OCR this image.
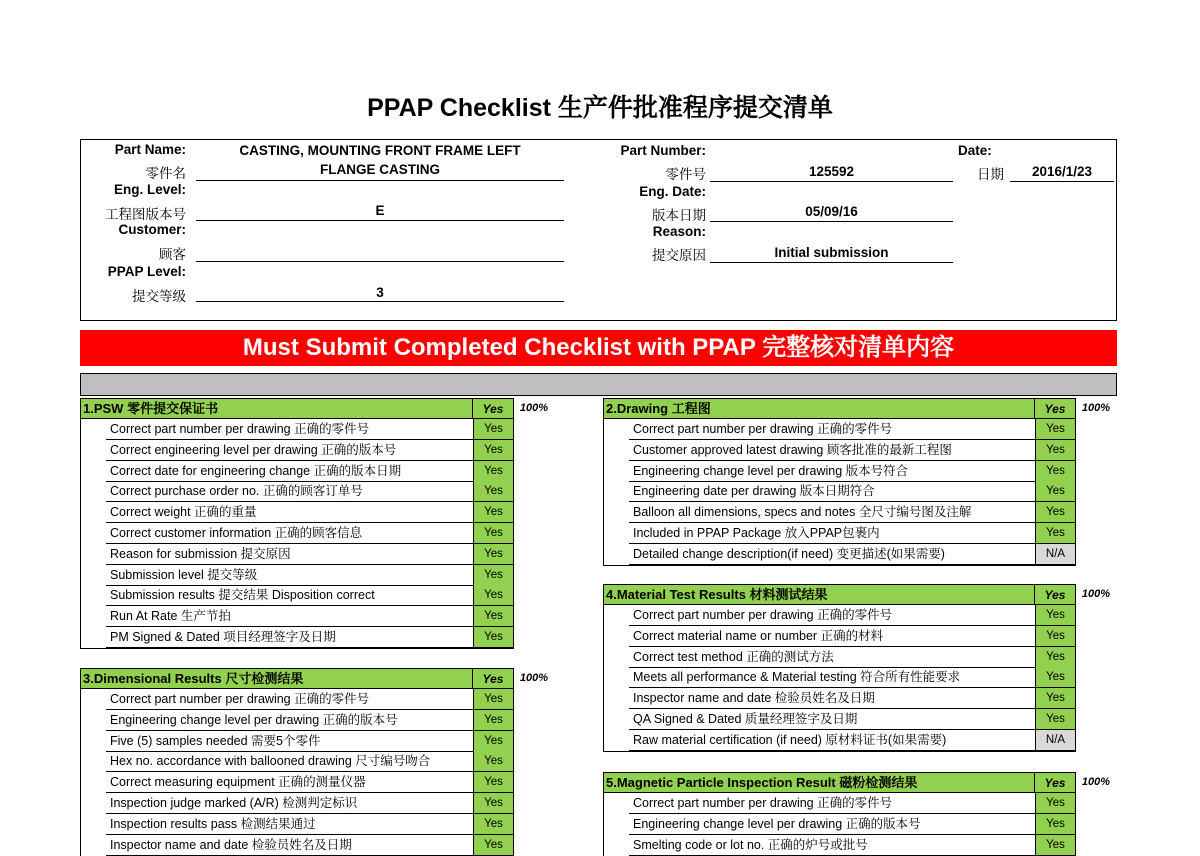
PPAP Checklist 生产件批准程序提交清单
Part Name:
零件名
CASTING, MOUNTING FRONT FRAME LEFT
FLANGE CASTING
Eng. Level:
工程图版本号	E
Customer:
顾客
PPAP Level:
提交等级	3
Part Number:
零件号	125592
Eng. Date:
版本日期	05/09/16
Reason:
提交原因	Initial submission
Date:
日期	2016/1/23
Must Submit Completed Checklist with PPAP 完整核对清单内容
1.PSW 零件提交保证书	Yes	100%
Correct part number per drawing 正确的零件号	Yes
Correct engineering level per drawing 正确的版本号	Yes
Correct date for engineering change 正确的版本日期	Yes
Correct purchase order no. 正确的顾客订单号	Yes
Correct weight 正确的重量	Yes
Correct customer information 正确的顾客信息	Yes
Reason for submission 提交原因	Yes
Submission level 提交等级	Yes
Submission results 提交结果 Disposition correct	Yes
Run At Rate 生产节拍	Yes
PM Signed & Dated 项目经理签字及日期	Yes
2.Drawing 工程图	Yes	100%
Correct part number per drawing 正确的零件号	Yes
Customer approved latest drawing 顾客批准的最新工程图	Yes
Engineering change level per drawing 版本号符合	Yes
Engineering date per drawing 版本日期符合	Yes
Balloon all dimensions, specs and notes 全尺寸编号图及注解	Yes
Included in PPAP Package 放入PPAP包裹内	Yes
Detailed change description(if need) 变更描述(如果需要)	N/A
3.Dimensional Results 尺寸检测结果	Yes	100%
Correct part number per drawing 正确的零件号	Yes
Engineering change level per drawing 正确的版本号	Yes
Five (5) samples needed 需要5个零件	Yes
Hex no. accordance with ballooned drawing 尺寸编号吻合	Yes
Correct measuring equipment 正确的测量仪器	Yes
Inspection judge marked (A/R) 检测判定标识	Yes
Inspection results pass 检测结果通过	Yes
Inspector name and date 检验员姓名及日期	Yes
4.Material Test Results 材料测试结果	Yes	100%
Correct part number per drawing 正确的零件号	Yes
Correct material name or number 正确的材料	Yes
Correct test method 正确的测试方法	Yes
Meets all performance & Material testing 符合所有性能要求	Yes
Inspector name and date 检验员姓名及日期	Yes
QA Signed & Dated 质量经理签字及日期	Yes
Raw material certification (if need) 原材料证书(如果需要)	N/A
5.Magnetic Particle Inspection Result 磁粉检测结果	Yes	100%
Correct part number per drawing 正确的零件号	Yes
Engineering change level per drawing 正确的版本号	Yes
Smelting code or lot no. 正确的炉号或批号	Yes
